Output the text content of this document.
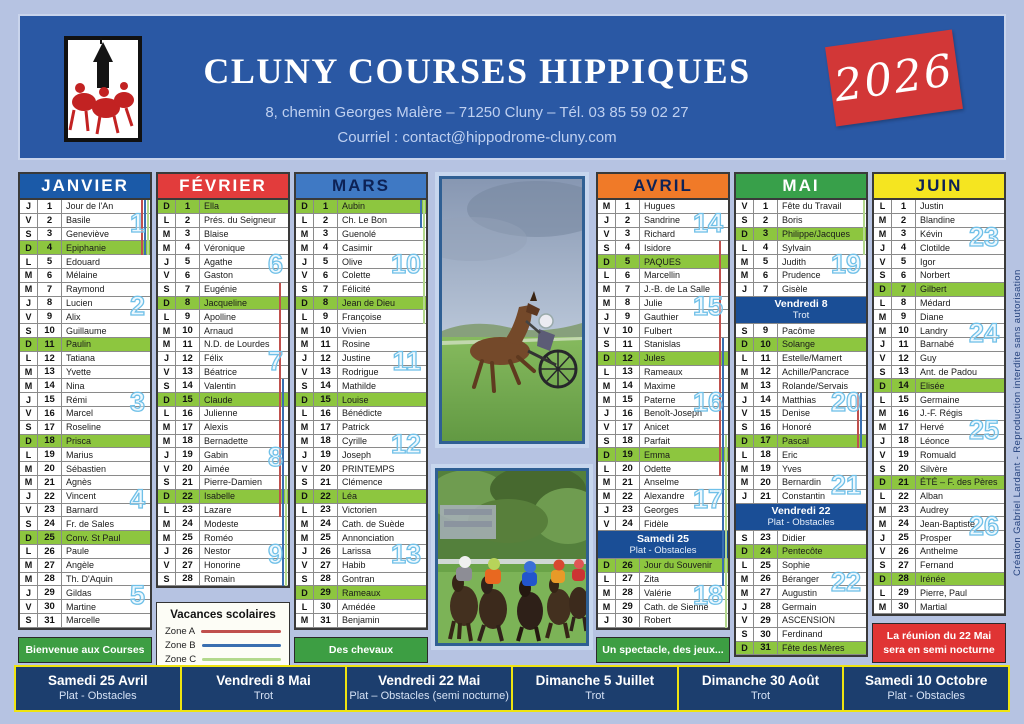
CLUNY COURSES HIPPIQUES
8, chemin Georges Malère – 71250 Cluny – Tél. 03 85 59 02 27
Courriel : contact@hippodrome-cluny.com
2026
JANVIER
J	1	Jour de l'An
V	2	Basile
S	3	Geneviève
D	4	Epiphanie
L	5	Edouard
M	6	Mélaine
M	7	Raymond
J	8	Lucien
V	9	Alix
S	10	Guillaume
D	11	Paulin
L	12	Tatiana
M	13	Yvette
M	14	Nina
J	15	Rémi
V	16	Marcel
S	17	Roseline
D	18	Prisca
L	19	Marius
M	20	Sébastien
M	21	Agnès
J	22	Vincent
V	23	Barnard
S	24	Fr. de Sales
D	25	Conv. St Paul
L	26	Paule
M	27	Angèle
M	28	Th. D'Aquin
J	29	Gildas
V	30	Martine
S	31	Marcelle
1
2
3
4
5
Bienvenue aux Courses
FÉVRIER
D	1	Ella
L	2	Prés. du Seigneur
M	3	Blaise
M	4	Véronique
J	5	Agathe
V	6	Gaston
S	7	Eugénie
D	8	Jacqueline
L	9	Apolline
M	10	Arnaud
M	11	N.D. de Lourdes
J	12	Félix
V	13	Béatrice
S	14	Valentin
D	15	Claude
L	16	Julienne
M	17	Alexis
M	18	Bernadette
J	19	Gabin
V	20	Aimée
S	21	Pierre-Damien
D	22	Isabelle
L	23	Lazare
M	24	Modeste
M	25	Roméo
J	26	Nestor
V	27	Honorine
S	28	Romain
6
7
8
9
Vacances scolaires
Zone A
Zone B
Zone C
MARS
D	1	Aubin
L	2	Ch. Le Bon
M	3	Guenolé
M	4	Casimir
J	5	Olive
V	6	Colette
S	7	Félicité
D	8	Jean de Dieu
L	9	Françoise
M	10	Vivien
M	11	Rosine
J	12	Justine
V	13	Rodrigue
S	14	Mathilde
D	15	Louise
L	16	Bénédicte
M	17	Patrick
M	18	Cyrille
J	19	Joseph
V	20	PRINTEMPS
S	21	Clémence
D	22	Léa
L	23	Victorien
M	24	Cath. de Suède
M	25	Annonciation
J	26	Larissa
V	27	Habib
S	28	Gontran
D	29	Rameaux
L	30	Amédée
M	31	Benjamin
10
11
12
13
Des chevaux
AVRIL
M	1	Hugues
J	2	Sandrine
V	3	Richard
S	4	Isidore
D	5	PAQUES
L	6	Marcellin
M	7	J.-B. de La Salle
M	8	Julie
J	9	Gauthier
V	10	Fulbert
S	11	Stanislas
D	12	Jules
L	13	Rameaux
M	14	Maxime
M	15	Paterne
J	16	Benoît-Joseph
V	17	Anicet
S	18	Parfait
D	19	Emma
L	20	Odette
M	21	Anselme
M	22	Alexandre
J	23	Georges
V	24	Fidèle
Samedi 25
Plat - Obstacles
D	26	Jour du Souvenir
L	27	Zita
M	28	Valérie
M	29	Cath. de Sienne
J	30	Robert
14
15
16
17
18
Un spectacle, des jeux...
MAI
V	1	Fête du Travail
S	2	Boris
D	3	Philippe/Jacques
L	4	Sylvain
M	5	Judith
M	6	Prudence
J	7	Gisèle
Vendredi 8
Trot
S	9	Pacôme
D	10	Solange
L	11	Estelle/Mamert
M	12	Achille/Pancrace
M	13	Rolande/Servais
J	14	Matthias
V	15	Denise
S	16	Honoré
D	17	Pascal
L	18	Eric
M	19	Yves
M	20	Bernardin
J	21	Constantin
Vendredi 22
Plat - Obstacles
S	23	Didier
D	24	Pentecôte
L	25	Sophie
M	26	Béranger
M	27	Augustin
J	28	Germain
V	29	ASCENSION
S	30	Ferdinand
D	31	Fête des Mères
19
20
21
22
JUIN
L	1	Justin
M	2	Blandine
M	3	Kévin
J	4	Clotilde
V	5	Igor
S	6	Norbert
D	7	Gilbert
L	8	Médard
M	9	Diane
M	10	Landry
J	11	Barnabé
V	12	Guy
S	13	Ant. de Padou
D	14	Elisée
L	15	Germaine
M	16	J.-F. Régis
M	17	Hervé
J	18	Léonce
V	19	Romuald
S	20	Silvère
D	21	ÉTÉ – F. des Pères
L	22	Alban
M	23	Audrey
M	24	Jean-Baptiste
J	25	Prosper
V	26	Anthelme
S	27	Fernand
D	28	Irénée
L	29	Pierre, Paul
M	30	Martial
23
24
25
26
La réunion du 22 Mai
sera en semi nocturne
Samedi 25 Avril
Plat - Obstacles
Vendredi 8 Mai
Trot
Vendredi 22 Mai
Plat – Obstacles (semi nocturne)
Dimanche 5 Juillet
Trot
Dimanche 30 Août
Trot
Samedi 10 Octobre
Plat - Obstacles
Création Gabriel Lardant - Reproduction interdite sans autorisation
